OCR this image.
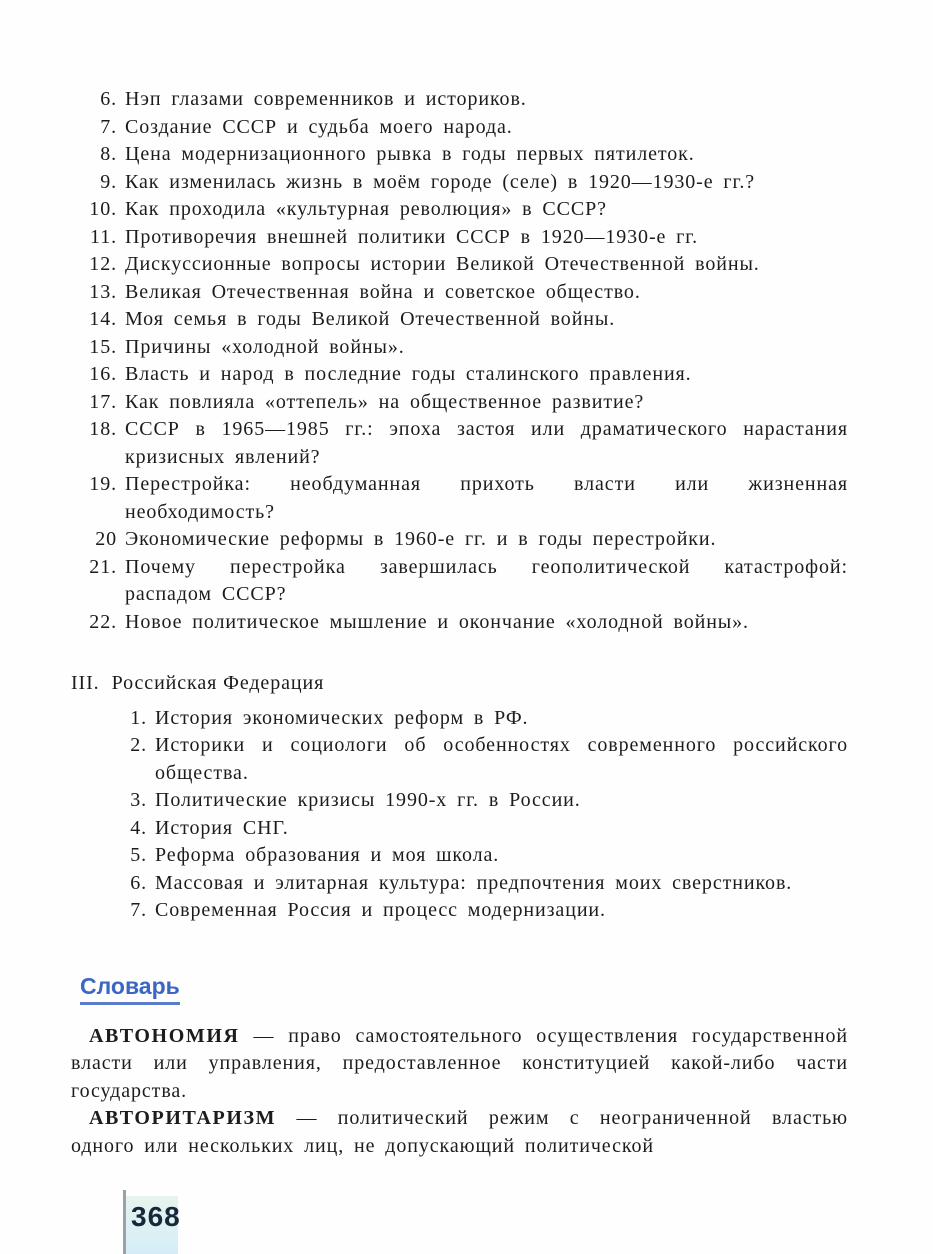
6. Нэп глазами современников и историков.
7. Создание СССР и судьба моего народа.
8. Цена модернизационного рывка в годы первых пятилеток.
9. Как изменилась жизнь в моём городе (селе) в 1920—1930-е гг.?
10. Как проходила «культурная революция» в СССР?
11. Противоречия внешней политики СССР в 1920—1930-е гг.
12. Дискуссионные вопросы истории Великой Отечественной войны.
13. Великая Отечественная война и советское общество.
14. Моя семья в годы Великой Отечественной войны.
15. Причины «холодной войны».
16. Власть и народ в последние годы сталинского правления.
17. Как повлияла «оттепель» на общественное развитие?
18. СССР в 1965—1985 гг.: эпоха застоя или драматического нарастания кризисных явлений?
19. Перестройка: необдуманная прихоть власти или жизненная необходимость?
20 Экономические реформы в 1960-е гг. и в годы перестройки.
21. Почему перестройка завершилась геополитической катастрофой: распадом СССР?
22. Новое политическое мышление и окончание «холодной войны».
III. Российская Федерация
1. История экономических реформ в РФ.
2. Историки и социологи об особенностях современного российского общества.
3. Политические кризисы 1990-х гг. в России.
4. История СНГ.
5. Реформа образования и моя школа.
6. Массовая и элитарная культура: предпочтения моих сверстников.
7. Современная Россия и процесс модернизации.
Словарь

АВТОНОМИЯ — право самостоятельного осуществления государственной власти или управления, предоставленное конституцией какой-либо части государства.

АВТОРИТАРИЗМ — политический режим с неограниченной властью одного или нескольких лиц, не допускающий политической

368
